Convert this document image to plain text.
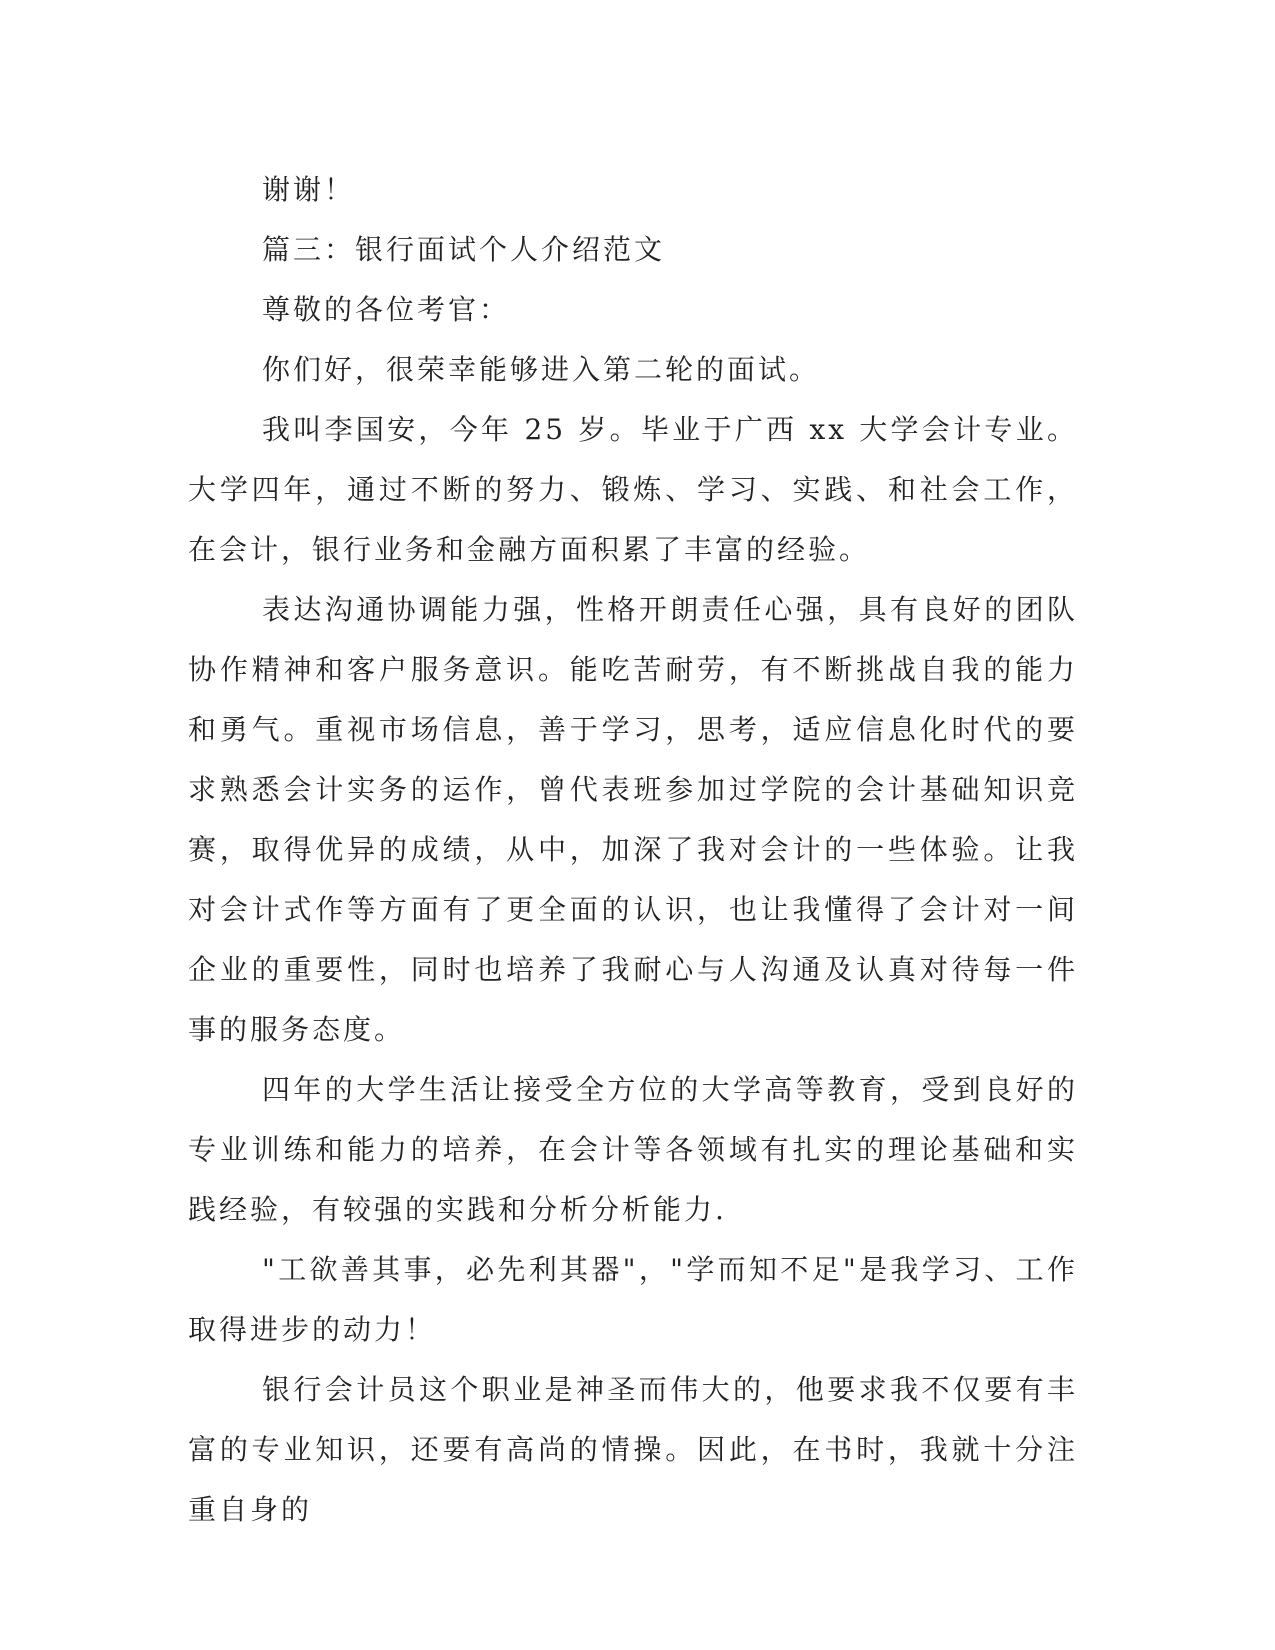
谢谢！

篇三：银行面试个人介绍范文

尊敬的各位考官：

你们好，很荣幸能够进入第二轮的面试。

我叫李国安，今年 25 岁。毕业于广西 xx 大学会计专业。大学四年，通过不断的努力、锻炼、学习、实践、和社会工作，在会计，银行业务和金融方面积累了丰富的经验。

表达沟通协调能力强，性格开朗责任心强，具有良好的团队协作精神和客户服务意识。能吃苦耐劳，有不断挑战自我的能力和勇气。重视市场信息，善于学习，思考，适应信息化时代的要求熟悉会计实务的运作，曾代表班参加过学院的会计基础知识竞赛，取得优异的成绩，从中，加深了我对会计的一些体验。让我对会计式作等方面有了更全面的认识，也让我懂得了会计对一间企业的重要性，同时也培养了我耐心与人沟通及认真对待每一件事的服务态度。

四年的大学生活让接受全方位的大学高等教育，受到良好的专业训练和能力的培养，在会计等各领域有扎实的理论基础和实践经验，有较强的实践和分析分析能力.

"工欲善其事，必先利其器"，"学而知不足"是我学习、工作取得进步的动力！

银行会计员这个职业是神圣而伟大的，他要求我不仅要有丰富的专业知识，还要有高尚的情操。因此，在书时，我就十分注重自身的
